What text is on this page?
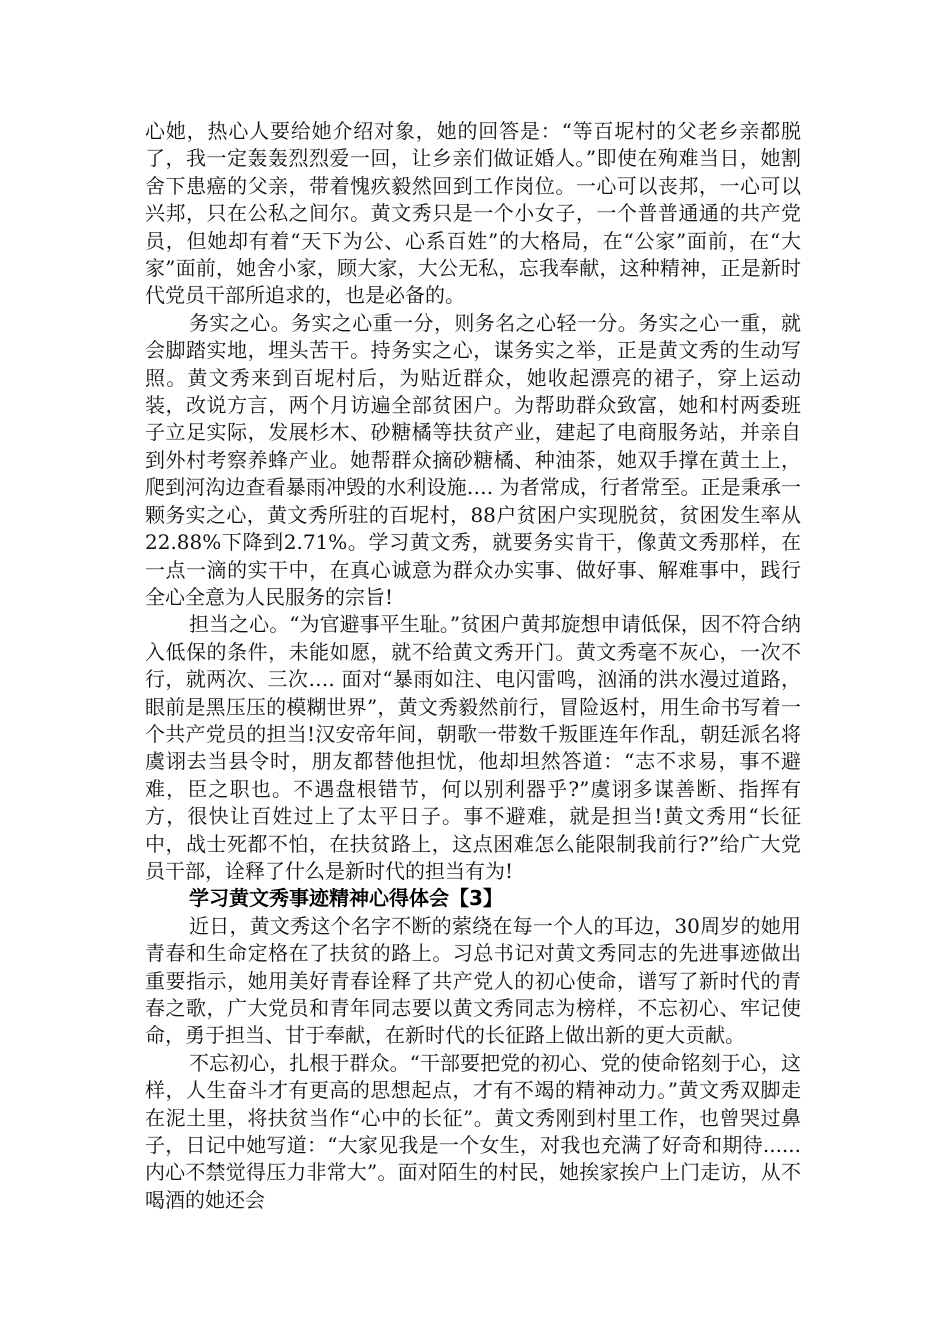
心她，热心人要给她介绍对象，她的回答是：“等百坭村的父老乡亲都脱了，我一定轰轰烈烈爱一回，让乡亲们做证婚人。”即使在殉难当日，她割舍下患癌的父亲，带着愧疚毅然回到工作岗位。一心可以丧邦，一心可以兴邦，只在公私之间尔。黄文秀只是一个小女子，一个普普通通的共产党员，但她却有着“天下为公、心系百姓”的大格局，在“公家”面前，在“大家”面前，她舍小家，顾大家，大公无私，忘我奉献，这种精神，正是新时代党员干部所追求的，也是必备的。

务实之心。务实之心重一分，则务名之心轻一分。务实之心一重，就会脚踏实地，埋头苦干。持务实之心，谋务实之举，正是黄文秀的生动写照。黄文秀来到百坭村后，为贴近群众，她收起漂亮的裙子，穿上运动装，改说方言，两个月访遍全部贫困户。为帮助群众致富，她和村两委班子立足实际，发展杉木、砂糖橘等扶贫产业，建起了电商服务站，并亲自到外村考察养蜂产业。她帮群众摘砂糖橘、种油茶，她双手撑在黄土上，爬到河沟边查看暴雨冲毁的水利设施…. 为者常成，行者常至。正是秉承一颗务实之心，黄文秀所驻的百坭村，88户贫困户实现脱贫，贫困发生率从22.88%下降到2.71%。学习黄文秀，就要务实肯干，像黄文秀那样，在一点一滴的实干中，在真心诚意为群众办实事、做好事、解难事中，践行全心全意为人民服务的宗旨!

担当之心。“为官避事平生耻。”贫困户黄邦旋想申请低保，因不符合纳入低保的条件，未能如愿，就不给黄文秀开门。黄文秀毫不灰心，一次不行，就两次、三次…. 面对“暴雨如注、电闪雷鸣，汹涌的洪水漫过道路，眼前是黑压压的模糊世界”，黄文秀毅然前行，冒险返村，用生命书写着一个共产党员的担当!汉安帝年间，朝歌一带数千叛匪连年作乱，朝廷派名将虞诩去当县令时，朋友都替他担忧，他却坦然答道：“志不求易，事不避难，臣之职也。不遇盘根错节，何以别利器乎?”虞诩多谋善断、指挥有方，很快让百姓过上了太平日子。事不避难，就是担当!黄文秀用“长征中，战士死都不怕，在扶贫路上，这点困难怎么能限制我前行?”给广大党员干部，诠释了什么是新时代的担当有为!

学习黄文秀事迹精神心得体会【3】

近日，黄文秀这个名字不断的萦绕在每一个人的耳边，30周岁的她用青春和生命定格在了扶贫的路上。习总书记对黄文秀同志的先进事迹做出重要指示，她用美好青春诠释了共产党人的初心使命，谱写了新时代的青春之歌，广大党员和青年同志要以黄文秀同志为榜样，不忘初心、牢记使命，勇于担当、甘于奉献，在新时代的长征路上做出新的更大贡献。

不忘初心，扎根于群众。“干部要把党的初心、党的使命铭刻于心，这样，人生奋斗才有更高的思想起点，才有不竭的精神动力。”黄文秀双脚走在泥土里，将扶贫当作“心中的长征”。黄文秀刚到村里工作，也曾哭过鼻子，日记中她写道：“大家见我是一个女生，对我也充满了好奇和期待......内心不禁觉得压力非常大”。面对陌生的村民，她挨家挨户上门走访，从不喝酒的她还会
